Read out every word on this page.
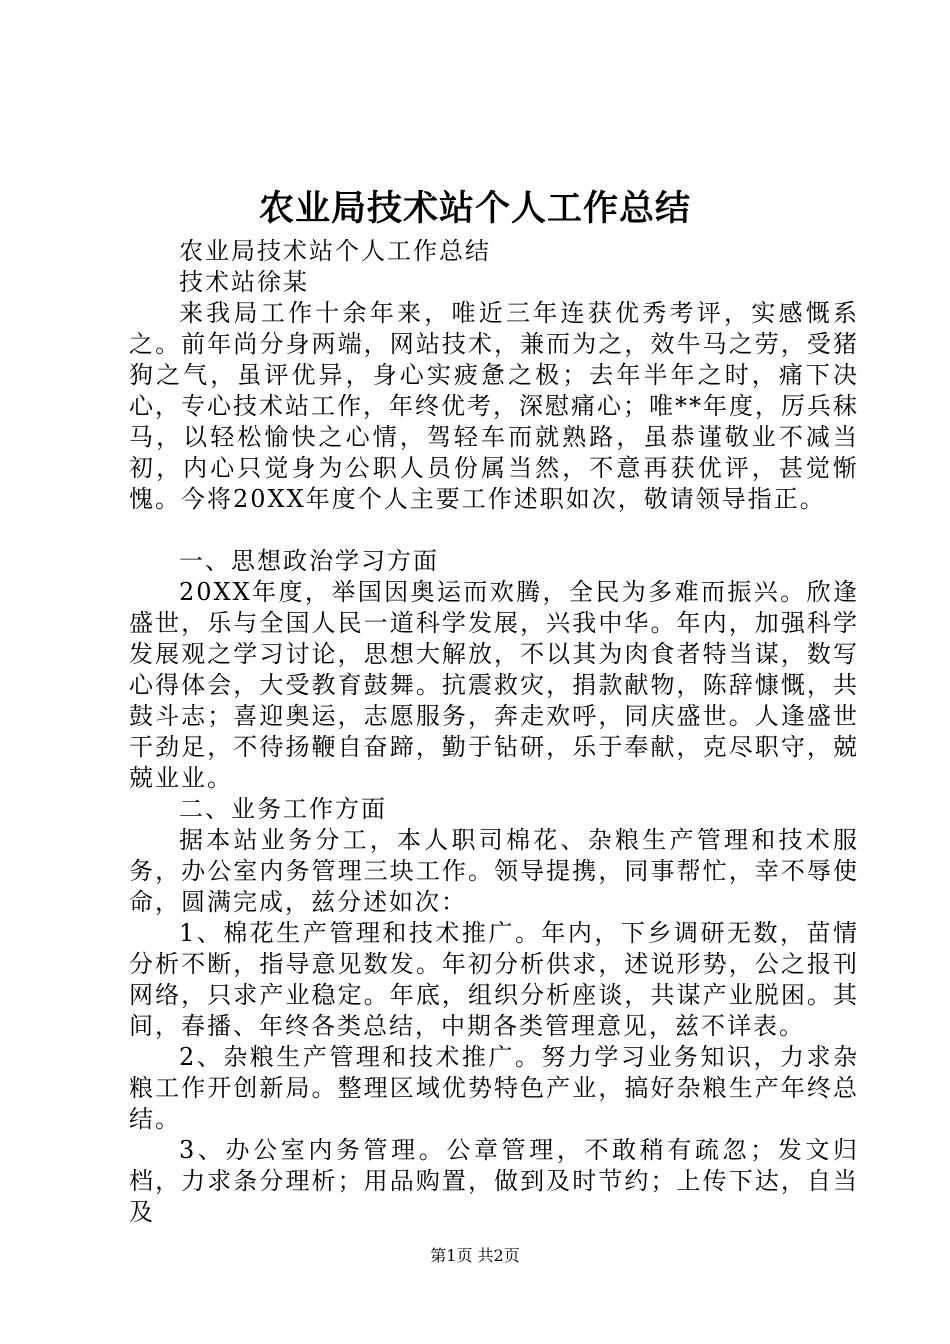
农业局技术站个人工作总结

农业局技术站个人工作总结

技术站徐某

来我局工作十余年来，唯近三年连获优秀考评，实感慨系之。前年尚分身两端，网站技术，兼而为之，效牛马之劳，受猪狗之气，虽评优异，身心实疲惫之极；去年半年之时，痛下决心，专心技术站工作，年终优考，深慰痛心；唯**年度，厉兵秣马，以轻松愉快之心情，驾轻车而就熟路，虽恭谨敬业不减当初，内心只觉身为公职人员份属当然，不意再获优评，甚觉惭愧。今将20XX年度个人主要工作述职如次，敬请领导指正。

一、思想政治学习方面

20XX年度，举国因奥运而欢腾，全民为多难而振兴。欣逢盛世，乐与全国人民一道科学发展，兴我中华。年内，加强科学发展观之学习讨论，思想大解放，不以其为肉食者特当谋，数写心得体会，大受教育鼓舞。抗震救灾，捐款献物，陈辞慷慨，共鼓斗志；喜迎奥运，志愿服务，奔走欢呼，同庆盛世。人逢盛世干劲足，不待扬鞭自奋蹄，勤于钻研，乐于奉献，克尽职守，兢兢业业。

二、业务工作方面

据本站业务分工，本人职司棉花、杂粮生产管理和技术服务，办公室内务管理三块工作。领导提携，同事帮忙，幸不辱使命，圆满完成，兹分述如次：

1、棉花生产管理和技术推广。年内，下乡调研无数，苗情分析不断，指导意见数发。年初分析供求，述说形势，公之报刊网络，只求产业稳定。年底，组织分析座谈，共谋产业脱困。其间，春播、年终各类总结，中期各类管理意见，兹不详表。

2、杂粮生产管理和技术推广。努力学习业务知识，力求杂粮工作开创新局。整理区域优势特色产业，搞好杂粮生产年终总结。

3、办公室内务管理。公章管理，不敢稍有疏忽；发文归档，力求条分理析；用品购置，做到及时节约；上传下达，自当及

第1页 共2页
